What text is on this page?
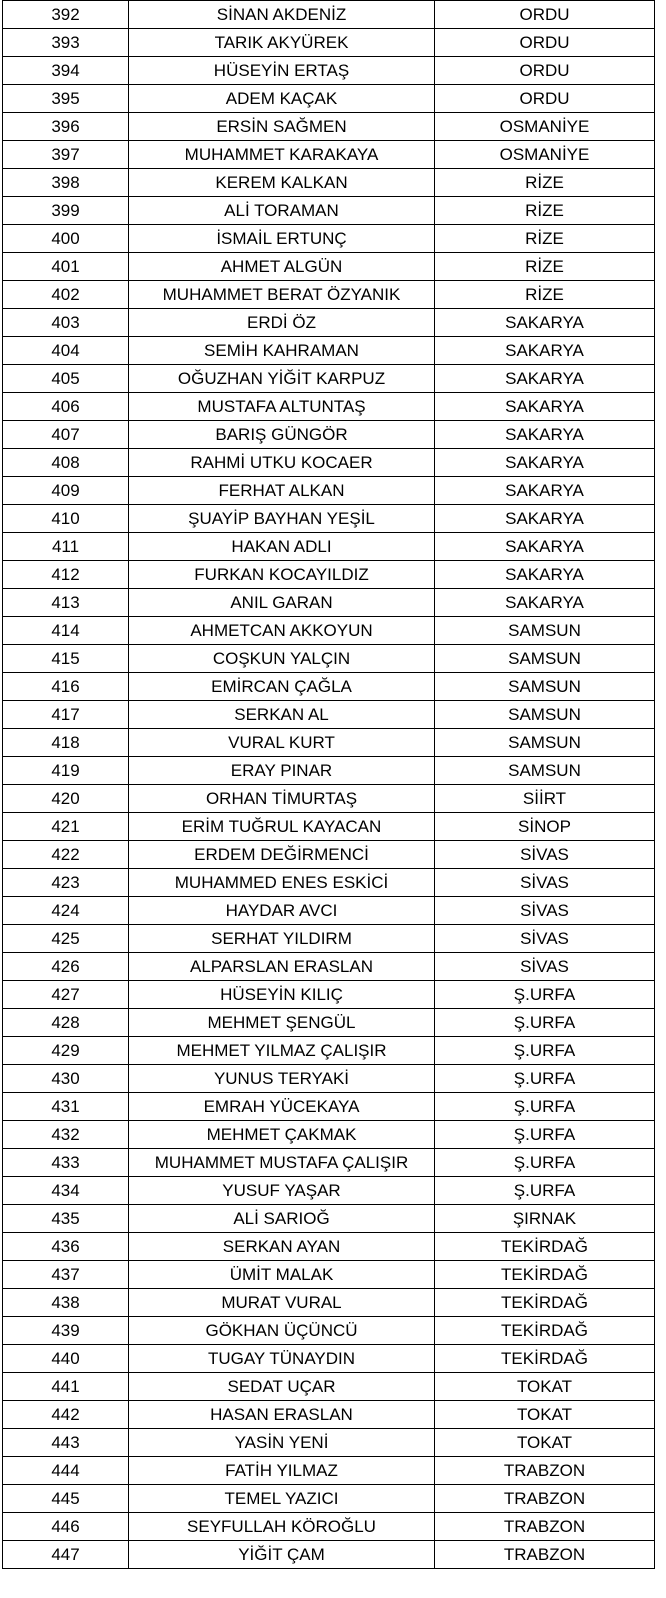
392	SİNAN AKDENİZ	ORDU
393	TARIK AKYÜREK	ORDU
394	HÜSEYİN ERTAŞ	ORDU
395	ADEM KAÇAK	ORDU
396	ERSİN SAĞMEN	OSMANİYE
397	MUHAMMET KARAKAYA	OSMANİYE
398	KEREM KALKAN	RİZE
399	ALİ TORAMAN	RİZE
400	İSMAİL ERTUNÇ	RİZE
401	AHMET ALGÜN	RİZE
402	MUHAMMET BERAT ÖZYANIK	RİZE
403	ERDİ ÖZ	SAKARYA
404	SEMİH KAHRAMAN	SAKARYA
405	OĞUZHAN YİĞİT KARPUZ	SAKARYA
406	MUSTAFA ALTUNTAŞ	SAKARYA
407	BARIŞ GÜNGÖR	SAKARYA
408	RAHMİ UTKU KOCAER	SAKARYA
409	FERHAT ALKAN	SAKARYA
410	ŞUAYİP BAYHAN YEŞİL	SAKARYA
411	HAKAN ADLI	SAKARYA
412	FURKAN KOCAYILDIZ	SAKARYA
413	ANIL GARAN	SAKARYA
414	AHMETCAN AKKOYUN	SAMSUN
415	COŞKUN YALÇIN	SAMSUN
416	EMİRCAN ÇAĞLA	SAMSUN
417	SERKAN AL	SAMSUN
418	VURAL KURT	SAMSUN
419	ERAY PINAR	SAMSUN
420	ORHAN TİMURTAŞ	SİİRT
421	ERİM TUĞRUL KAYACAN	SİNOP
422	ERDEM DEĞİRMENCİ	SİVAS
423	MUHAMMED ENES ESKİCİ	SİVAS
424	HAYDAR AVCI	SİVAS
425	SERHAT YILDIRM	SİVAS
426	ALPARSLAN ERASLAN	SİVAS
427	HÜSEYİN KILIÇ	Ş.URFA
428	MEHMET ŞENGÜL	Ş.URFA
429	MEHMET YILMAZ ÇALIŞIR	Ş.URFA
430	YUNUS TERYAKİ	Ş.URFA
431	EMRAH YÜCEKAYA	Ş.URFA
432	MEHMET ÇAKMAK	Ş.URFA
433	MUHAMMET MUSTAFA ÇALIŞIR	Ş.URFA
434	YUSUF YAŞAR	Ş.URFA
435	ALİ SARIOĞ	ŞIRNAK
436	SERKAN AYAN	TEKİRDAĞ
437	ÜMİT MALAK	TEKİRDAĞ
438	MURAT VURAL	TEKİRDAĞ
439	GÖKHAN ÜÇÜNCÜ	TEKİRDAĞ
440	TUGAY TÜNAYDIN	TEKİRDAĞ
441	SEDAT UÇAR	TOKAT
442	HASAN ERASLAN	TOKAT
443	YASİN YENİ	TOKAT
444	FATİH YILMAZ	TRABZON
445	TEMEL YAZICI	TRABZON
446	SEYFULLAH KÖROĞLU	TRABZON
447	YİĞİT ÇAM	TRABZON
